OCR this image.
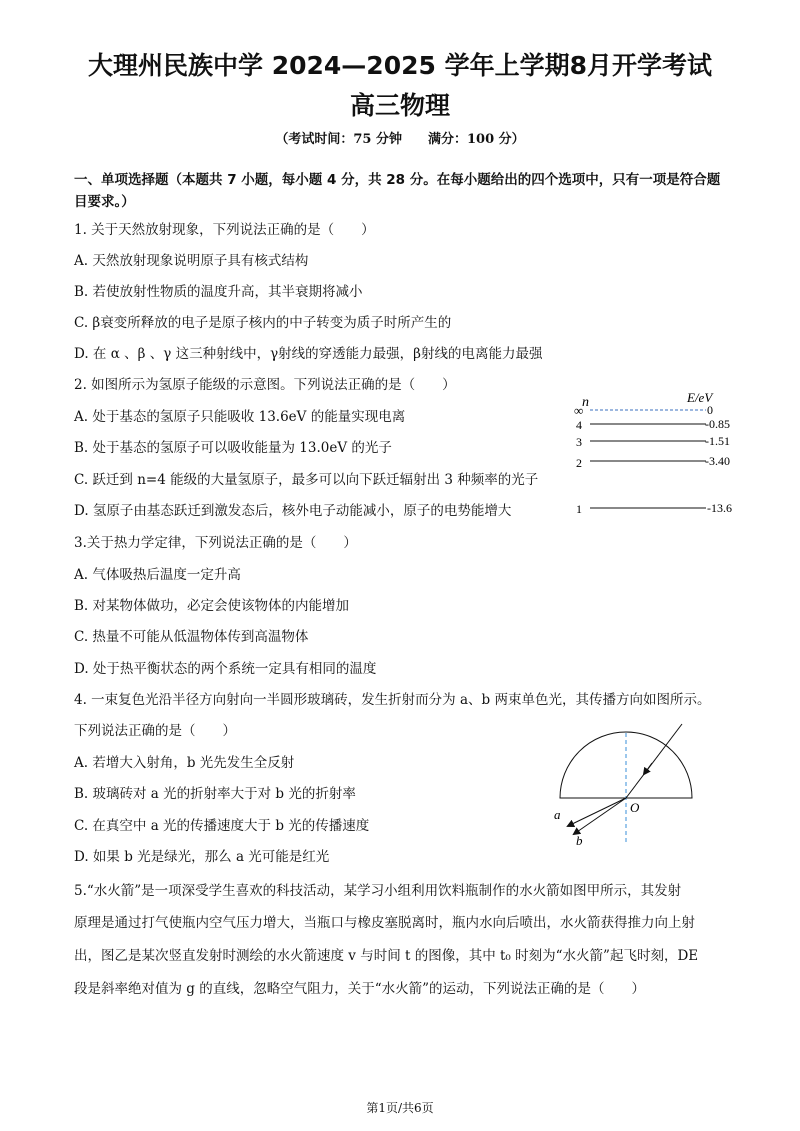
大理州民族中学 2024—2025 学年上学期8月开学考试
高三物理
（考试时间：75 分钟　　满分：100 分）
一、单项选择题（本题共 7 小题，每小题 4 分，共 28 分。在每小题给出的四个选项中，只有一项是符合题
目要求。）
1. 关于天然放射现象，下列说法正确的是（　　）
A. 天然放射现象说明原子具有核式结构
B. 若使放射性物质的温度升高，其半衰期将减小
C. β衰变所释放的电子是原子核内的中子转变为质子时所产生的
D. 在 α 、β 、γ 这三种射线中，γ射线的穿透能力最强，β射线的电离能力最强
2. 如图所示为氢原子能级的示意图。下列说法正确的是（　　）
A. 处于基态的氢原子只能吸收 13.6eV 的能量实现电离
B. 处于基态的氢原子可以吸收能量为 13.0eV 的光子
C. 跃迁到 n=4 能级的大量氢原子，最多可以向下跃迁辐射出 3 种频率的光子
D. 氢原子由基态跃迁到激发态后，核外电子动能减小，原子的电势能增大
n	E/eV
∞	0
4	-0.85
3	-1.51
2	-3.40
1	-13.6
3.关于热力学定律，下列说法正确的是（　　）
A. 气体吸热后温度一定升高
B. 对某物体做功，必定会使该物体的内能增加
C. 热量不可能从低温物体传到高温物体
D. 处于热平衡状态的两个系统一定具有相同的温度
4. 一束复色光沿半径方向射向一半圆形玻璃砖，发生折射而分为 a、b 两束单色光，其传播方向如图所示。
下列说法正确的是（　　）
A. 若增大入射角，b 光先发生全反射
B. 玻璃砖对 a 光的折射率大于对 b 光的折射率
C. 在真空中 a 光的传播速度大于 b 光的传播速度
D. 如果 b 光是绿光，那么 a 光可能是红光
a
b
O
5.“水火箭”是一项深受学生喜欢的科技活动，某学习小组利用饮料瓶制作的水火箭如图甲所示，其发射
原理是通过打气使瓶内空气压力增大，当瓶口与橡皮塞脱离时，瓶内水向后喷出，水火箭获得推力向上射
出，图乙是某次竖直发射时测绘的水火箭速度 v 与时间 t 的图像，其中 t₀ 时刻为“水火箭”起飞时刻，DE
段是斜率绝对值为 g 的直线，忽略空气阻力，关于“水火箭”的运动，下列说法正确的是（　　）
第1页/共6页
